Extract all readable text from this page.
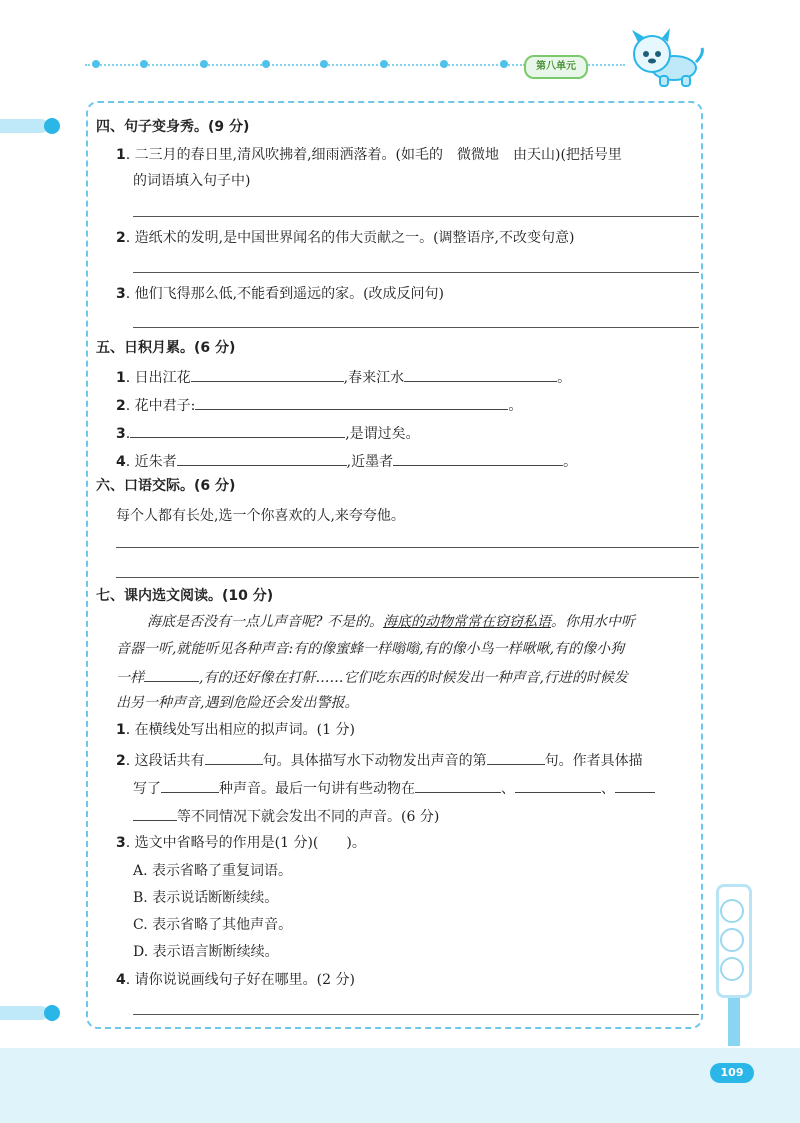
第八单元
109
四、句子变身秀。(9 分)
1. 二三月的春日里,清风吹拂着,细雨洒落着。(如毛的　微微地　由天山)(把括号里
的词语填入句子中)
2. 造纸术的发明,是中国世界闻名的伟大贡献之一。(调整语序,不改变句意)
3. 他们飞得那么低,不能看到遥远的家。(改成反问句)
五、日积月累。(6 分)
1. 日出江花	,春来江水	。
2. 花中君子:	。
3.	,是谓过矣。
4. 近朱者	,近墨者	。
六、口语交际。(6 分)
每个人都有长处,选一个你喜欢的人,来夸夸他。
七、课内选文阅读。(10 分)
海底是否没有一点儿声音呢? 不是的。海底的动物常常在窃窃私语。你用水中听
音器一听,就能听见各种声音:有的像蜜蜂一样嗡嗡,有的像小鸟一样啾啾,有的像小狗
一样	,有的还好像在打鼾……它们吃东西的时候发出一种声音,行进的时候发
出另一种声音,遇到危险还会发出警报。
1. 在横线处写出相应的拟声词。(1 分)
2. 这段话共有	句。具体描写水下动物发出声音的第	句。作者具体描
写了	种声音。最后一句讲有些动物在	、	、
等不同情况下就会发出不同的声音。(6 分)
3. 选文中省略号的作用是(1 分)(　　)。
A. 表示省略了重复词语。
B. 表示说话断断续续。
C. 表示省略了其他声音。
D. 表示语言断断续续。
4. 请你说说画线句子好在哪里。(2 分)
